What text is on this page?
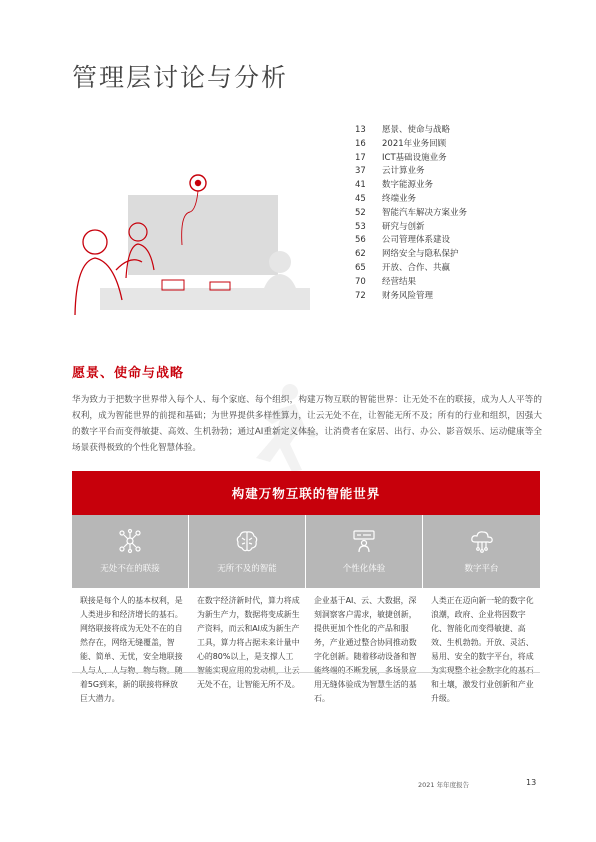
管理层讨论与分析
13	愿景、使命与战略
16	2021年业务回顾
17	ICT基础设施业务
37	云计算业务
41	数字能源业务
45	终端业务
52	智能汽车解决方案业务
53	研究与创新
56	公司管理体系建设
62	网络安全与隐私保护
65	开放、合作、共赢
70	经营结果
72	财务风险管理
愿景、使命与战略

华为致力于把数字世界带入每个人、每个家庭、每个组织，构建万物互联的智能世界：让无处不在的联接，成为人人平等的权利，成为智能世界的前提和基础；为世界提供多样性算力，让云无处不在，让智能无所不及；所有的行业和组织，因强大的数字平台而变得敏捷、高效、生机勃勃；通过AI重新定义体验，让消费者在家居、出行、办公、影音娱乐、运动健康等全场景获得极致的个性化智慧体验。

构建万物互联的智能世界
无处不在的联接

联接是每个人的基本权利，是人类进步和经济增长的基石。网络联接将成为无处不在的自然存在，网络无缝覆盖，智能、简单、无忧，安全地联接人与人、人与物、物与物。随着5G到来，新的联接将释放巨大潜力。

无所不及的智能

在数字经济新时代，算力将成为新生产力，数据将变成新生产资料，而云和AI成为新生产工具，算力将占据未来计量中心的80%以上，是支撑人工智能实现应用的发动机，让云无处不在，让智能无所不及。

个性化体验

企业基于AI、云、大数据，深刻洞察客户需求，敏捷创新，提供更加个性化的产品和服务，产业通过整合协同推动数字化创新。随着移动设备和智能终端的不断发展，多场景应用无缝体验成为智慧生活的基石。

数字平台

人类正在迈向新一轮的数字化浪潮，政府、企业将因数字化、智能化而变得敏捷、高效、生机勃勃。开放、灵活、易用、安全的数字平台，将成为实现整个社会数字化的基石和土壤，激发行业创新和产业升级。

2021 年年度报告	13
